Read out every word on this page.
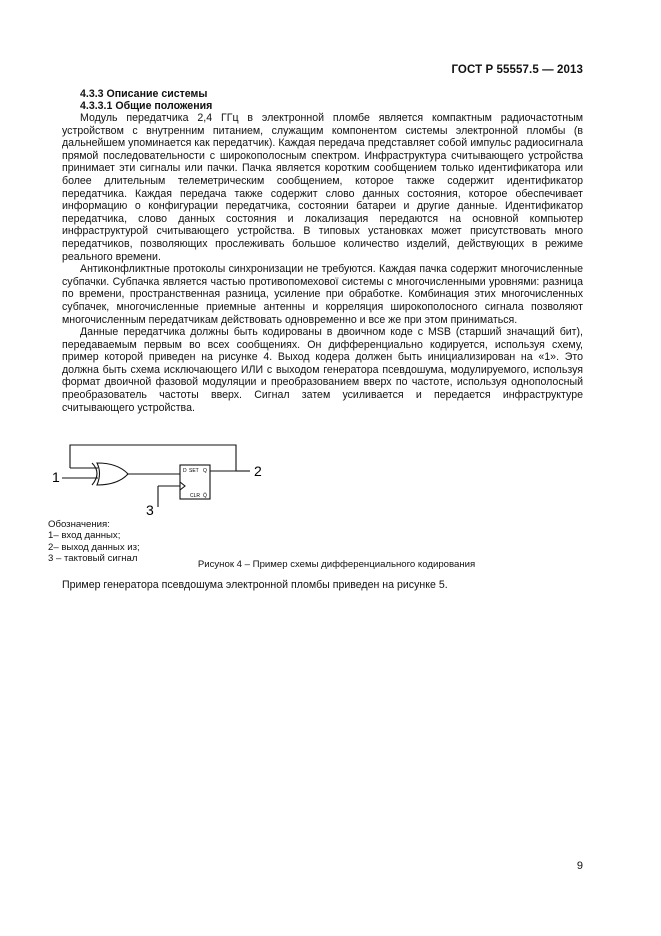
ГОСТ Р 55557.5 — 2013

4.3.3 Описание системы

4.3.3.1 Общие положения

Модуль передатчика 2,4 ГГц в электронной пломбе является компактным радиочастотным устройством с внутренним питанием, служащим компонентом системы электронной пломбы (в дальнейшем упоминается как передатчик). Каждая передача представляет собой импульс радиосигнала прямой последовательности с широкополосным спектром. Инфраструктура считывающего устройства принимает эти сигналы или пачки. Пачка является коротким сообщением только идентификатора или более длительным телеметрическим сообщением, которое также содержит идентификатор передатчика. Каждая передача также содержит слово данных состояния, которое обеспечивает информацию о конфигурации передатчика, состоянии батареи и другие данные. Идентификатор передатчика, слово данных состояния и локализация передаются на основной компьютер инфраструктурой считывающего устройства. В типовых установках может присутствовать много передатчиков, позволяющих прослеживать большое количество изделий, действующих в режиме реального времени.

Антиконфликтные протоколы синхронизации не требуются. Каждая пачка содержит многочисленные субпачки. Субпачка является частью противопомехової системы с многочисленными уровнями: разница по времени, пространственная разница, усиление при обработке. Комбинация этих многочисленных субпачек, многочисленные приемные антенны и корреляция широкополосного сигнала позволяют многочисленным передатчикам действовать одновременно и все же при этом приниматься.

Данные передатчика должны быть кодированы в двоичном коде с MSB (старший значащий бит), передаваемым первым во всех сообщениях. Он дифференциально кодируется, используя схему, пример которой приведен на рисунке 4. Выход кодера должен быть инициализирован на «1». Это должна быть схема исключающего ИЛИ с выходом генератора псевдошума, модулируемого, используя формат двоичной фазовой модуляции и преобразованием вверх по частоте, используя однополосный преобразователь частоты вверх. Сигнал затем усиливается и передается инфраструктуре считывающего устройства.

1	2
3
D SET Q
CLR Q̄
Обозначения:
1– вход данных;
2– выход данных из;
3 – тактовый сигнал
Рисунок 4 – Пример схемы дифференциального кодирования
Пример генератора псевдошума электронной пломбы приведен на рисунке 5.
9
